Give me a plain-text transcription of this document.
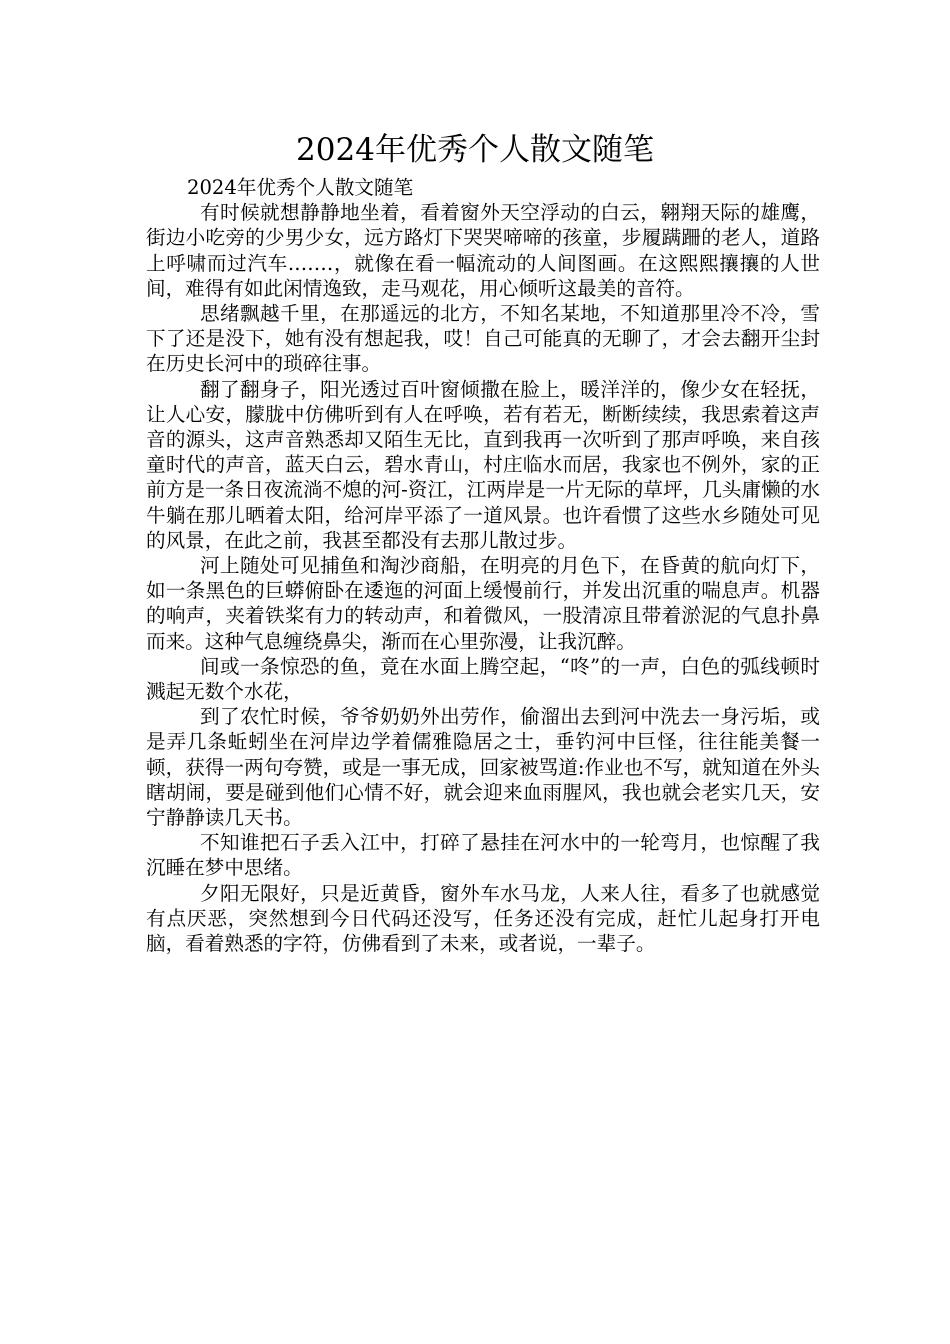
2024年优秀个人散文随笔

2024年优秀个人散文随笔

有时候就想静静地坐着，看着窗外天空浮动的白云，翱翔天际的雄鹰，街边小吃旁的少男少女，远方路灯下哭哭啼啼的孩童，步履蹒跚的老人，道路上呼啸而过汽车.……，就像在看一幅流动的人间图画。在这熙熙攘攘的人世间，难得有如此闲情逸致，走马观花，用心倾听这最美的音符。

思绪飘越千里，在那遥远的北方，不知名某地，不知道那里冷不冷，雪下了还是没下，她有没有想起我，哎！自己可能真的无聊了，才会去翻开尘封在历史长河中的琐碎往事。

翻了翻身子，阳光透过百叶窗倾撒在脸上，暖洋洋的，像少女在轻抚，让人心安，朦胧中仿佛听到有人在呼唤，若有若无，断断续续，我思索着这声音的源头，这声音熟悉却又陌生无比，直到我再一次听到了那声呼唤，来自孩童时代的声音，蓝天白云，碧水青山，村庄临水而居，我家也不例外，家的正前方是一条日夜流淌不熄的河-资江，江两岸是一片无际的草坪，几头庸懒的水牛躺在那儿晒着太阳，给河岸平添了一道风景。也许看惯了这些水乡随处可见的风景，在此之前，我甚至都没有去那儿散过步。

河上随处可见捕鱼和淘沙商船，在明亮的月色下，在昏黄的航向灯下，如一条黑色的巨蟒俯卧在逶迤的河面上缓慢前行，并发出沉重的喘息声。机器的响声，夹着铁桨有力的转动声，和着微风，一股清凉且带着淤泥的气息扑鼻而来。这种气息缠绕鼻尖，渐而在心里弥漫，让我沉醉。

间或一条惊恐的鱼，竟在水面上腾空起，“咚”的一声，白色的弧线顿时溅起无数个水花，

到了农忙时候，爷爷奶奶外出劳作，偷溜出去到河中洗去一身污垢，或是弄几条蚯蚓坐在河岸边学着儒雅隐居之士，垂钓河中巨怪，往往能美餐一顿，获得一两句夸赞，或是一事无成，回家被骂道:作业也不写，就知道在外头瞎胡闹，要是碰到他们心情不好，就会迎来血雨腥风，我也就会老实几天，安宁静静读几天书。

不知谁把石子丢入江中，打碎了悬挂在河水中的一轮弯月，也惊醒了我沉睡在梦中思绪。

夕阳无限好，只是近黄昏，窗外车水马龙，人来人往，看多了也就感觉有点厌恶，突然想到今日代码还没写，任务还没有完成，赶忙儿起身打开电脑，看着熟悉的字符，仿佛看到了未来，或者说，一辈子。
